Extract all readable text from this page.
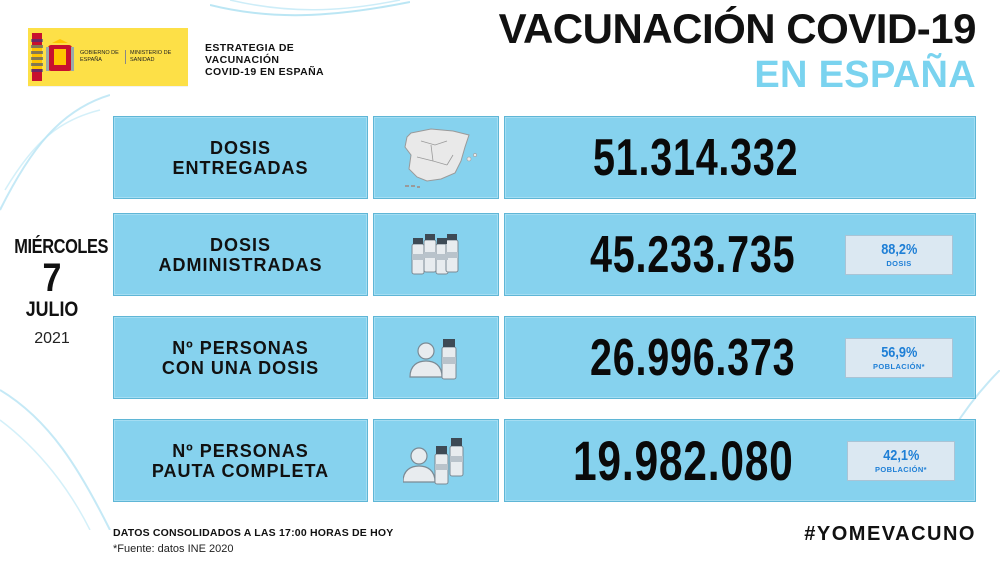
GOBIERNO DE ESPAÑA
MINISTERIO DE SANIDAD
ESTRATEGIA DE
VACUNACIÓN
COVID-19 EN ESPAÑA
VACUNACIÓN COVID-19
EN ESPAÑA
MIÉRCOLES
7
JULIO
2021
DOSIS
ENTREGADAS	51.314.332
DOSIS
ADMINISTRADAS	45.233.735	88,2%
DOSIS
Nº PERSONAS
CON UNA DOSIS	26.996.373	56,9%
POBLACIÓN*
Nº PERSONAS
PAUTA COMPLETA	19.982.080	42,1%
POBLACIÓN*
DATOS CONSOLIDADOS A LAS 17:00 HORAS DE HOY
*Fuente: datos INE 2020
#YOMEVACUNO
